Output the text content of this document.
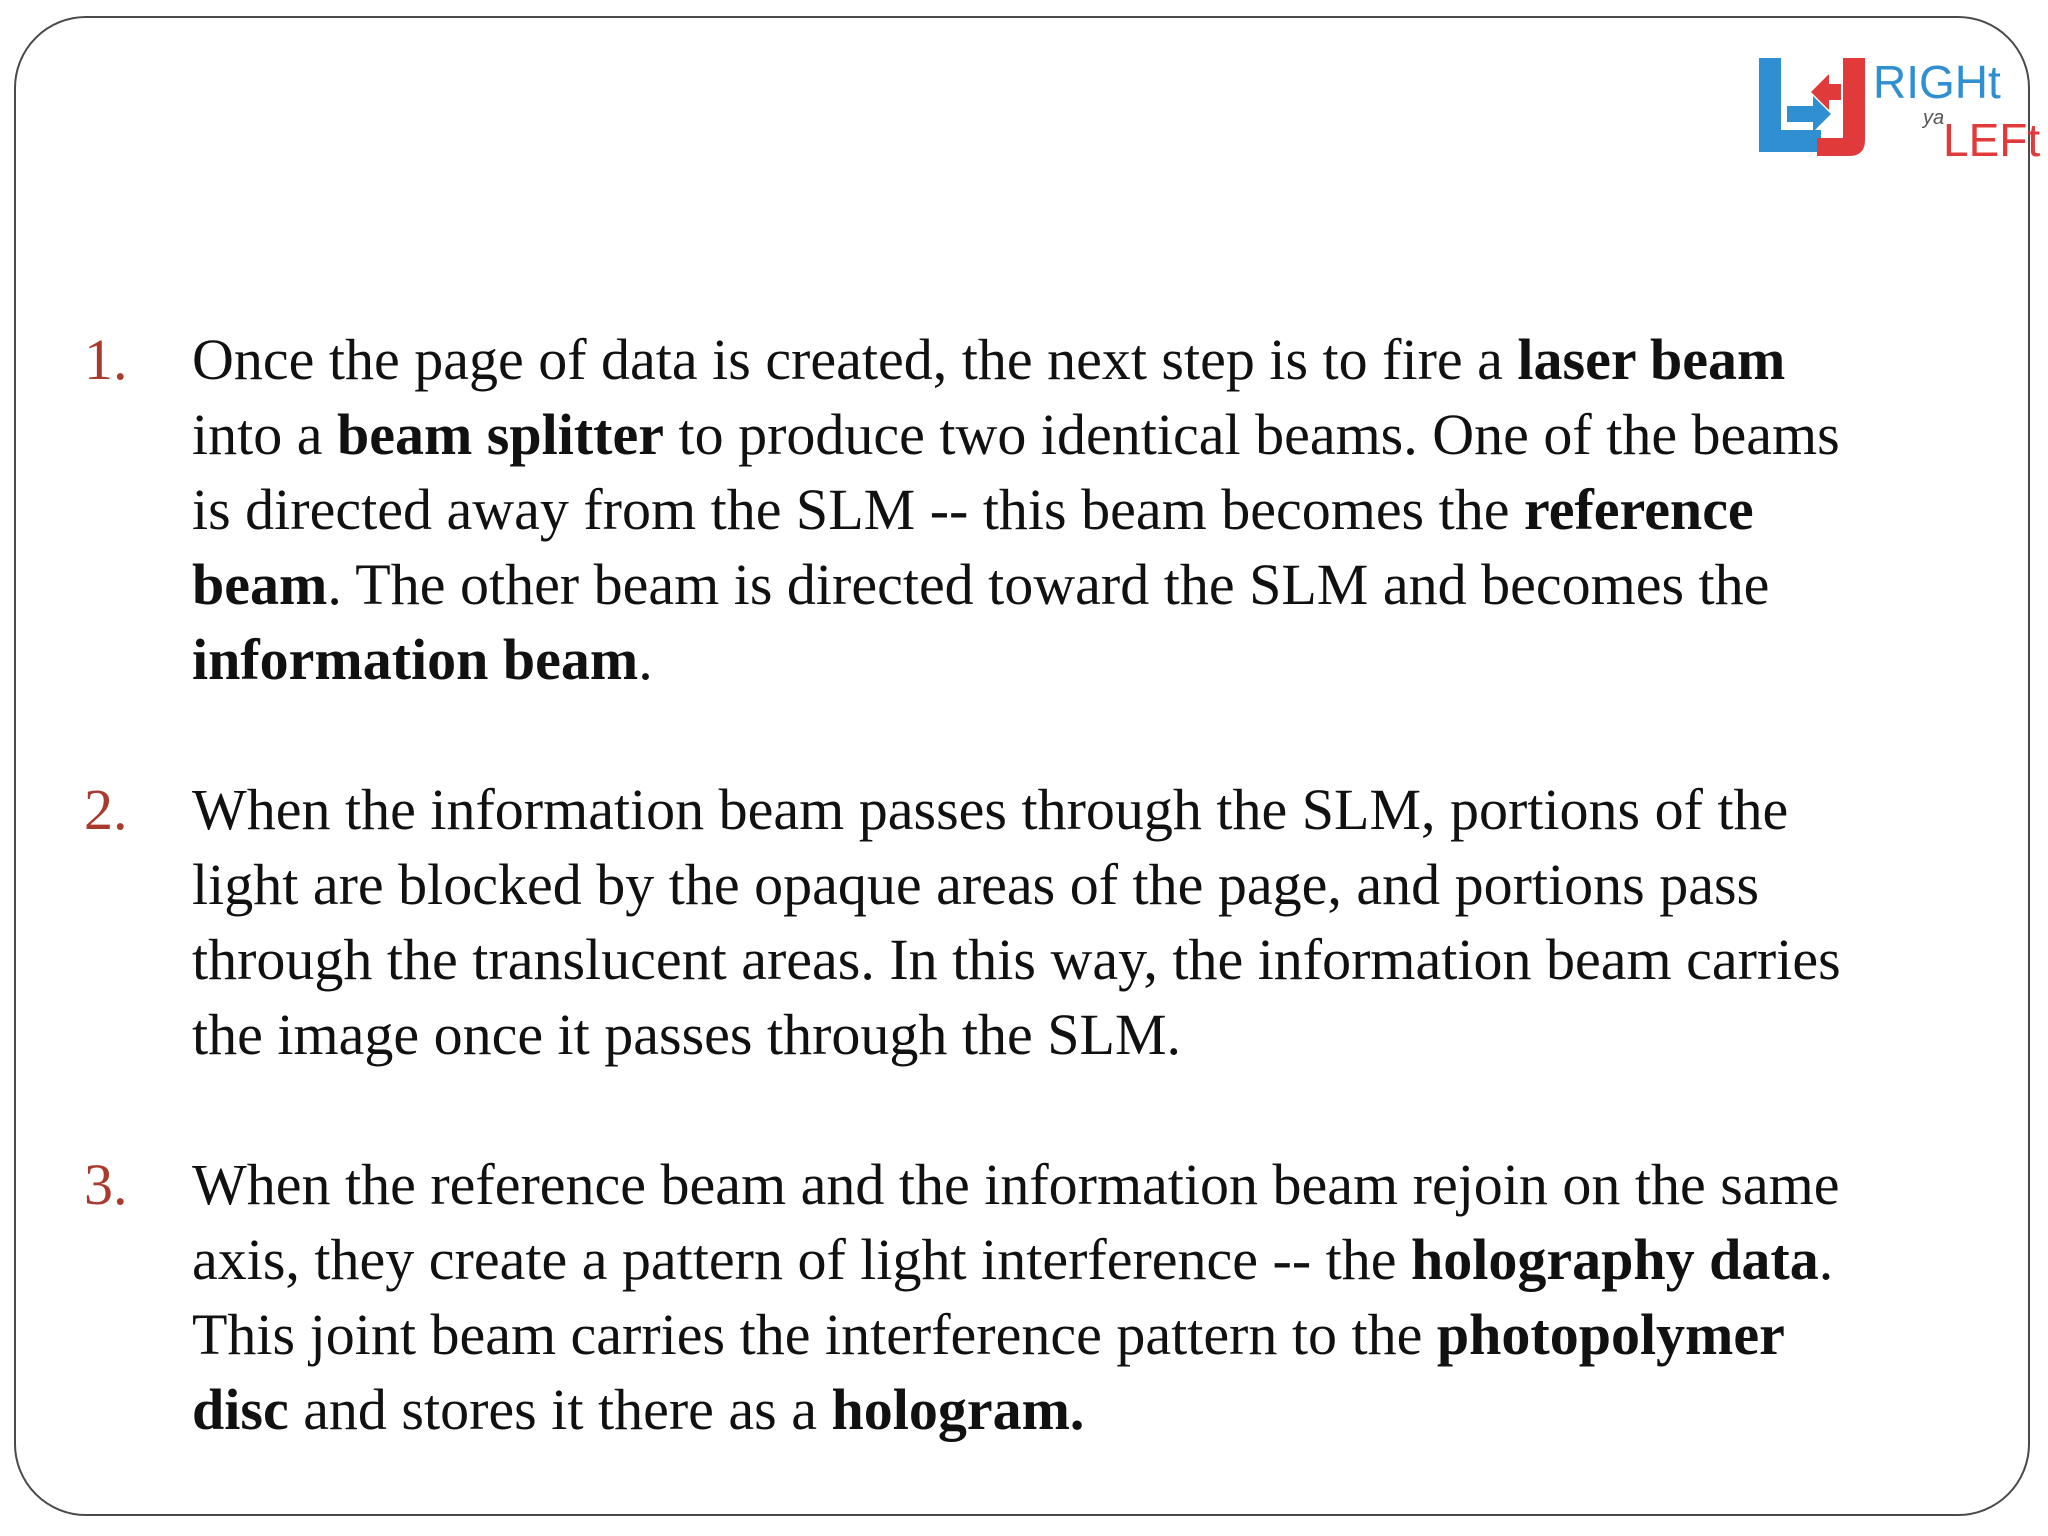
RIGHt
ya
LEFt
1.	Once the page of data is created, the next step is to fire a laser beam
into a beam splitter to produce two identical beams. One of the beams
is directed away from the SLM -- this beam becomes the reference
beam. The other beam is directed toward the SLM and becomes the
information beam.
2.	When the information beam passes through the SLM, portions of the
light are blocked by the opaque areas of the page, and portions pass
through the translucent areas. In this way, the information beam carries
the image once it passes through the SLM.
3.	When the reference beam and the information beam rejoin on the same
axis, they create a pattern of light interference -- the holography data.
This joint beam carries the interference pattern to the photopolymer
disc and stores it there as a hologram.
